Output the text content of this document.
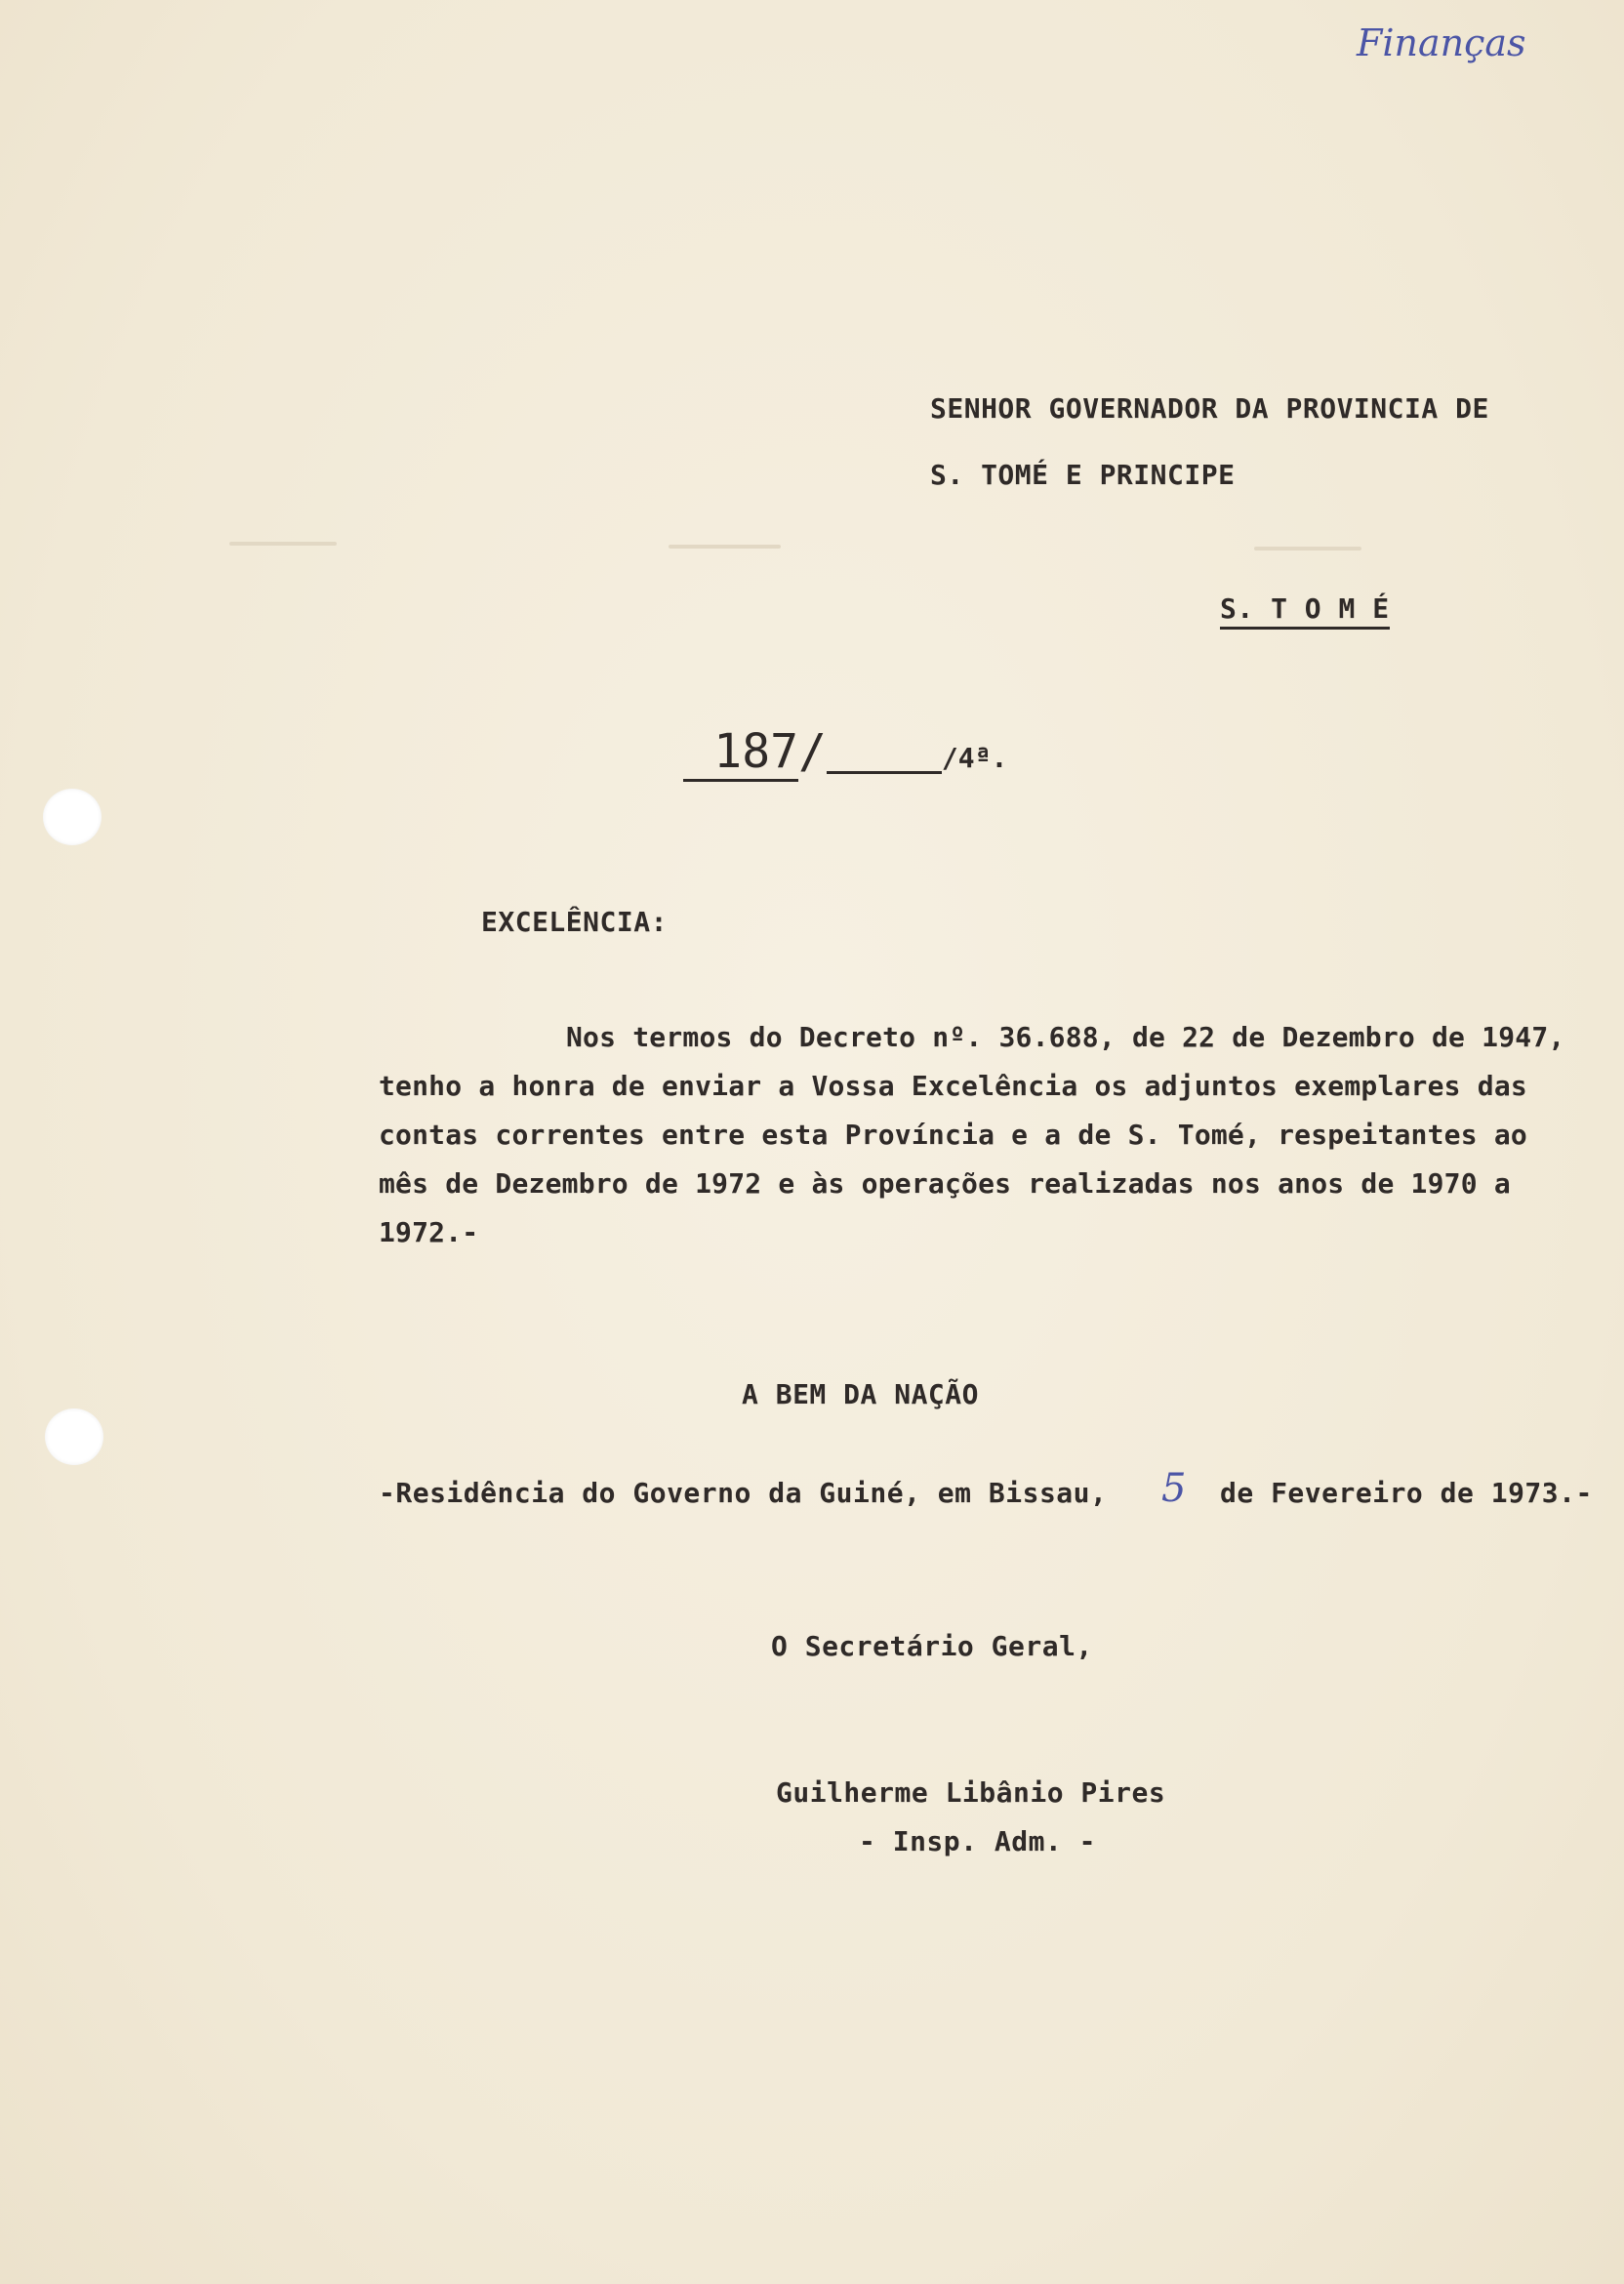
Finanças
SENHOR GOVERNADOR DA PROVINCIA DE
S. TOMÉ E PRINCIPE
S. T O M É
187/	/4ª.
EXCELÊNCIA:
Nos termos do Decreto nº. 36.688, de 22 de Dezembro de 1947,
tenho a honra de enviar a Vossa Excelência os adjuntos exemplares das
contas correntes entre esta Província e a de S. Tomé, respeitantes ao
mês de Dezembro de 1972 e às operações realizadas nos anos de 1970 a
1972.-
A BEM DA NAÇÃO
-Residência do Governo da Guiné, em Bissau, 5 de Fevereiro de 1973.-
O Secretário Geral,
Guilherme Libânio Pires
- Insp. Adm. -
